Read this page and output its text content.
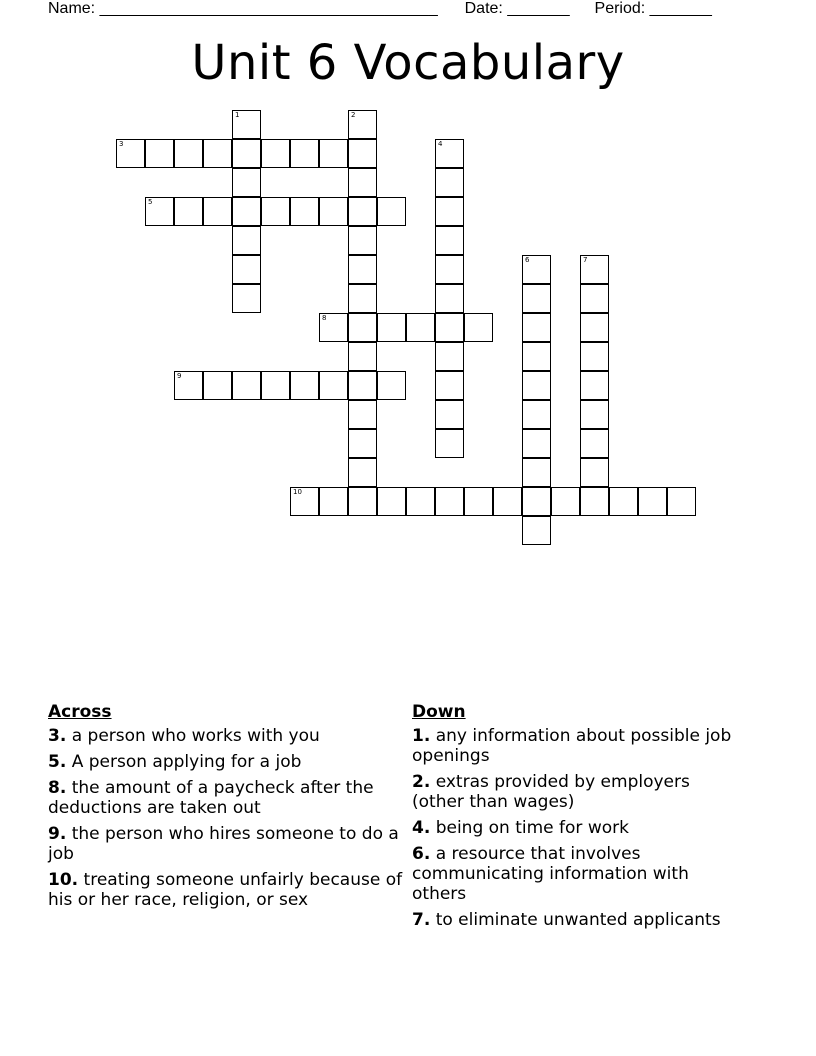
Name: ______________________________________ Date: _______ Period: _______
Unit 6 Vocabulary
1	2
3	4
5
6	7
8
9
10
Across
3. a person who works with you
5. A person applying for a job
8. the amount of a paycheck after the deductions are taken out
9. the person who hires someone to do a job
10. treating someone unfairly because of his or her race, religion, or sex
Down
1. any information about possible job openings
2. extras provided by employers (other than wages)
4. being on time for work
6. a resource that involves communicating information with others
7. to eliminate unwanted applicants
